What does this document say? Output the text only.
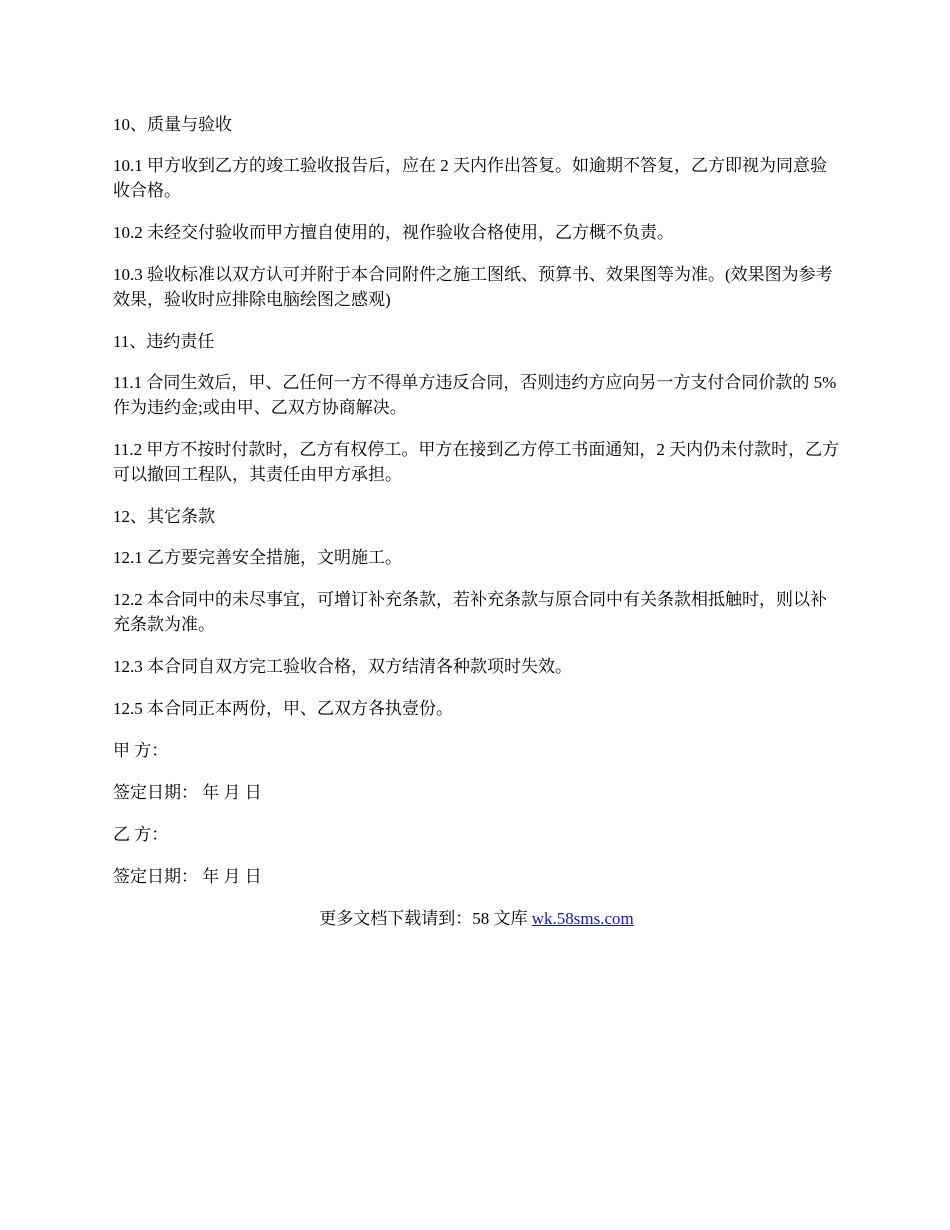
10、质量与验收

10.1 甲方收到乙方的竣工验收报告后，应在 2 天内作出答复。如逾期不答复，乙方即视为同意验收合格。

10.2 未经交付验收而甲方擅自使用的，视作验收合格使用，乙方概不负责。

10.3 验收标准以双方认可并附于本合同附件之施工图纸、预算书、效果图等为准。(效果图为参考效果，验收时应排除电脑绘图之感观)

11、违约责任

11.1 合同生效后，甲、乙任何一方不得单方违反合同，否则违约方应向另一方支付合同价款的 5%作为违约金;或由甲、乙双方协商解决。

11.2 甲方不按时付款时，乙方有权停工。甲方在接到乙方停工书面通知，2 天内仍未付款时，乙方可以撤回工程队，其责任由甲方承担。

12、其它条款

12.1 乙方要完善安全措施，文明施工。

12.2 本合同中的未尽事宜，可增订补充条款，若补充条款与原合同中有关条款相抵触时，则以补充条款为准。

12.3 本合同自双方完工验收合格，双方结清各种款项时失效。

12.5 本合同正本两份，甲、乙双方各执壹份。

甲 方：

签定日期： 年 月 日

乙 方：

签定日期： 年 月 日

更多文档下载请到：58 文库 wk.58sms.com
